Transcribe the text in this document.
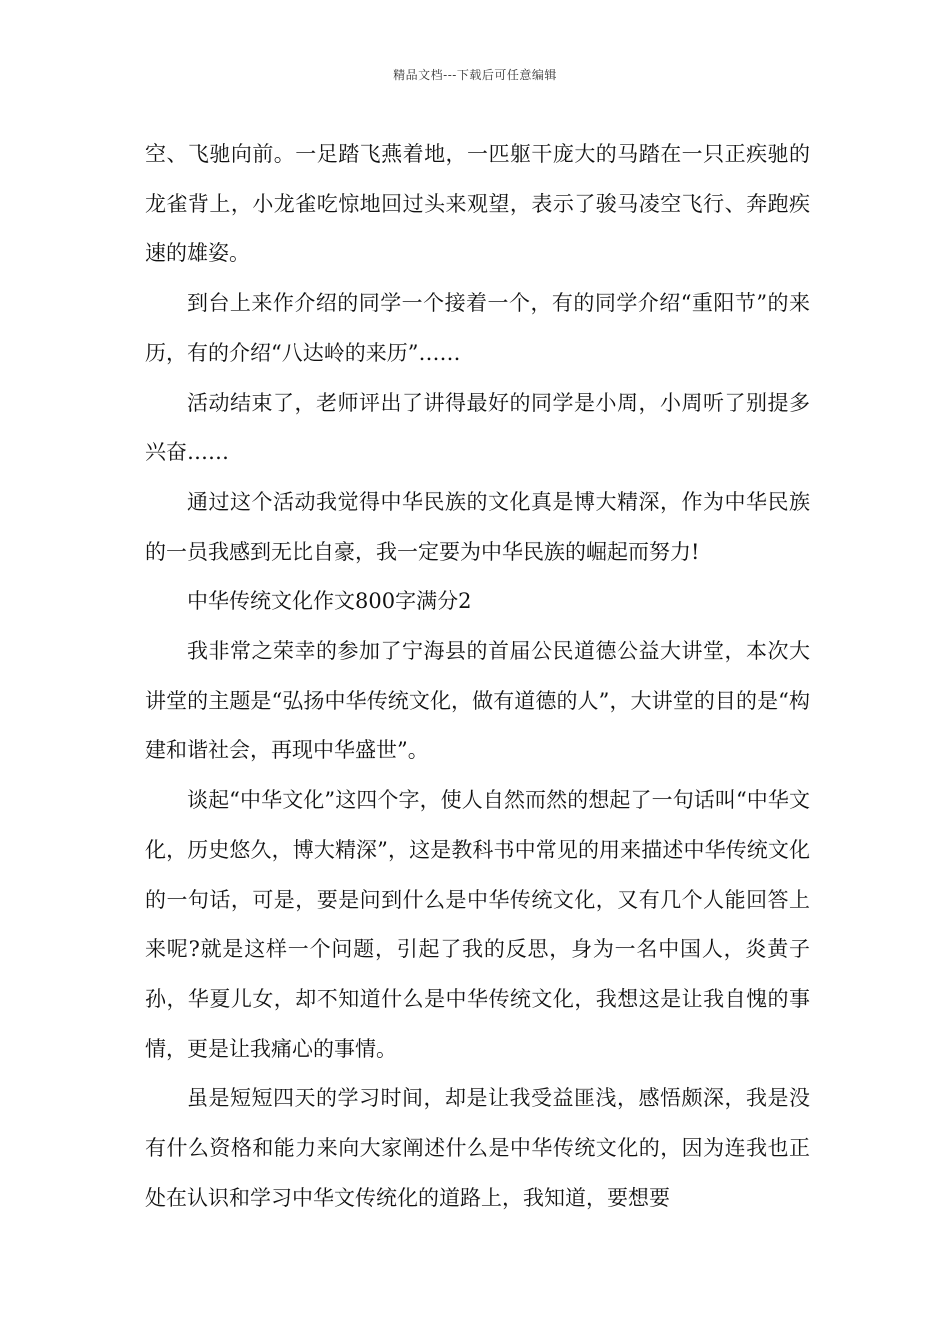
精品文档---下载后可任意编辑

空、飞驰向前。一足踏飞燕着地，一匹躯干庞大的马踏在一只正疾驰的龙雀背上，小龙雀吃惊地回过头来观望，表示了骏马凌空飞行、奔跑疾速的雄姿。

到台上来作介绍的同学一个接着一个，有的同学介绍“重阳节”的来历，有的介绍“八达岭的来历”……

活动结束了，老师评出了讲得最好的同学是小周，小周听了别提多兴奋……

通过这个活动我觉得中华民族的文化真是博大精深，作为中华民族的一员我感到无比自豪，我一定要为中华民族的崛起而努力!

中华传统文化作文800字满分2

我非常之荣幸的参加了宁海县的首届公民道德公益大讲堂，本次大讲堂的主题是“弘扬中华传统文化，做有道德的人”，大讲堂的目的是“构建和谐社会，再现中华盛世”。

谈起“中华文化”这四个字，使人自然而然的想起了一句话叫“中华文化，历史悠久，博大精深”，这是教科书中常见的用来描述中华传统文化的一句话，可是，要是问到什么是中华传统文化，又有几个人能回答上来呢?就是这样一个问题，引起了我的反思，身为一名中国人，炎黄子孙，华夏儿女，却不知道什么是中华传统文化，我想这是让我自愧的事情，更是让我痛心的事情。

虽是短短四天的学习时间，却是让我受益匪浅，感悟颇深，我是没有什么资格和能力来向大家阐述什么是中华传统文化的，因为连我也正处在认识和学习中华文传统化的道路上，我知道，要想要
